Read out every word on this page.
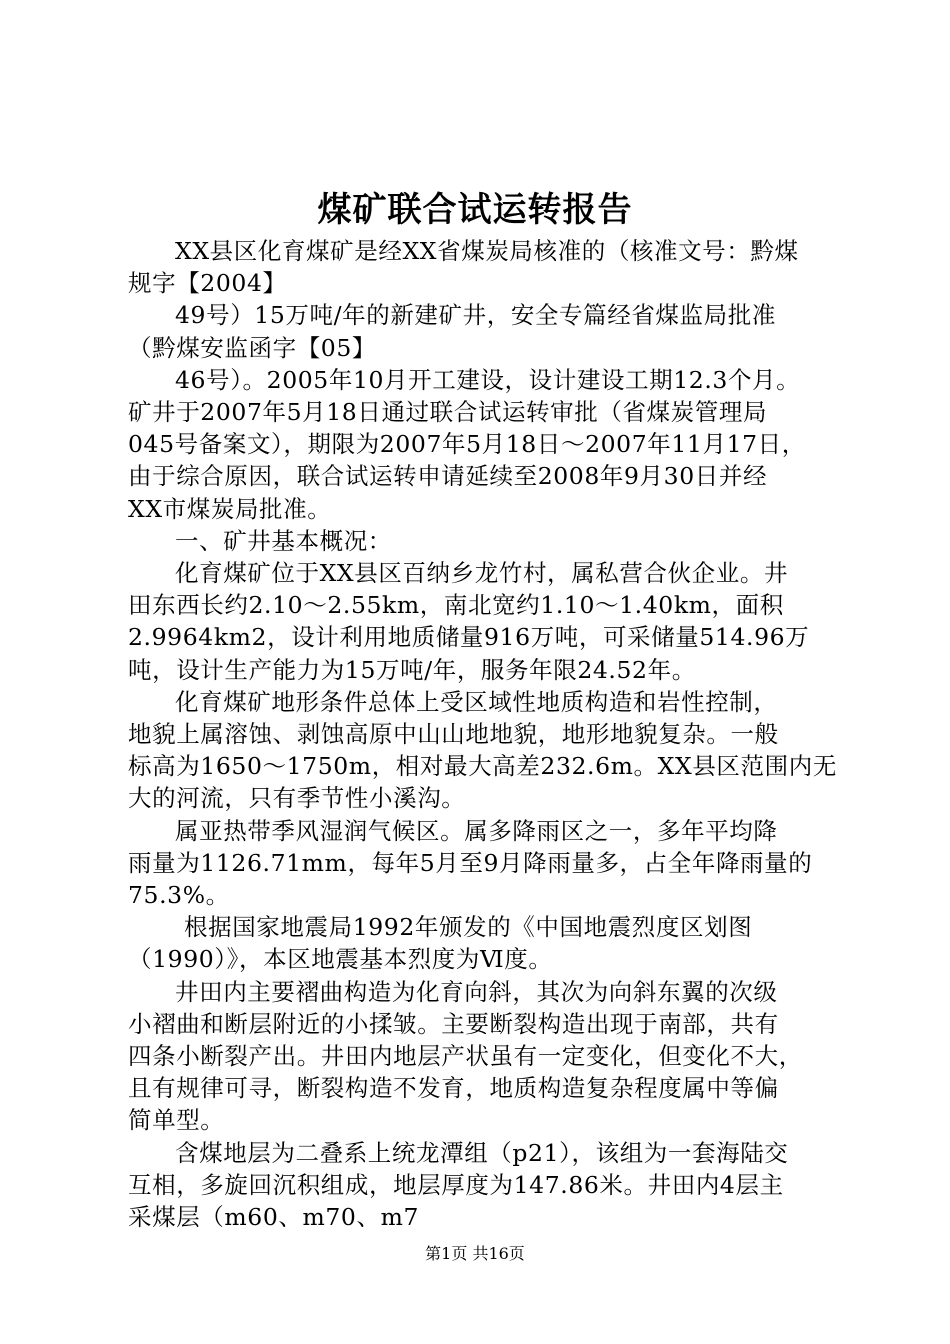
煤矿联合试运转报告
XX县区化育煤矿是经XX省煤炭局核准的（核准文号：黔煤
规字【2004】
49号）15万吨/年的新建矿井，安全专篇经省煤监局批准
（黔煤安监函字【05】
46号）。2005年10月开工建设，设计建设工期12.3个月。
矿井于2007年5月18日通过联合试运转审批（省煤炭管理局
045号备案文），期限为2007年5月18日～2007年11月17日，
由于综合原因，联合试运转申请延续至2008年9月30日并经
XX市煤炭局批准。
一、矿井基本概况：
化育煤矿位于XX县区百纳乡龙竹村，属私营合伙企业。井
田东西长约2.10～2.55km，南北宽约1.10～1.40km，面积
2.9964km2，设计利用地质储量916万吨，可采储量514.96万
吨，设计生产能力为15万吨/年，服务年限24.52年。
化育煤矿地形条件总体上受区域性地质构造和岩性控制，
地貌上属溶蚀、剥蚀高原中山山地地貌，地形地貌复杂。一般
标高为1650～1750m，相对最大高差232.6m。XX县区范围内无
大的河流，只有季节性小溪沟。
属亚热带季风湿润气候区。属多降雨区之一，多年平均降
雨量为1126.71mm，每年5月至9月降雨量多，占全年降雨量的
75.3%。
根据国家地震局1992年颁发的《中国地震烈度区划图
（1990）》，本区地震基本烈度为Ⅵ度。
井田内主要褶曲构造为化育向斜，其次为向斜东翼的次级
小褶曲和断层附近的小揉皱。主要断裂构造出现于南部，共有
四条小断裂产出。井田内地层产状虽有一定变化，但变化不大，
且有规律可寻，断裂构造不发育，地质构造复杂程度属中等偏
简单型。
含煤地层为二叠系上统龙潭组（p21），该组为一套海陆交
互相，多旋回沉积组成，地层厚度为147.86米。井田内4层主
采煤层（m60、m70、m7
第1页 共16页
